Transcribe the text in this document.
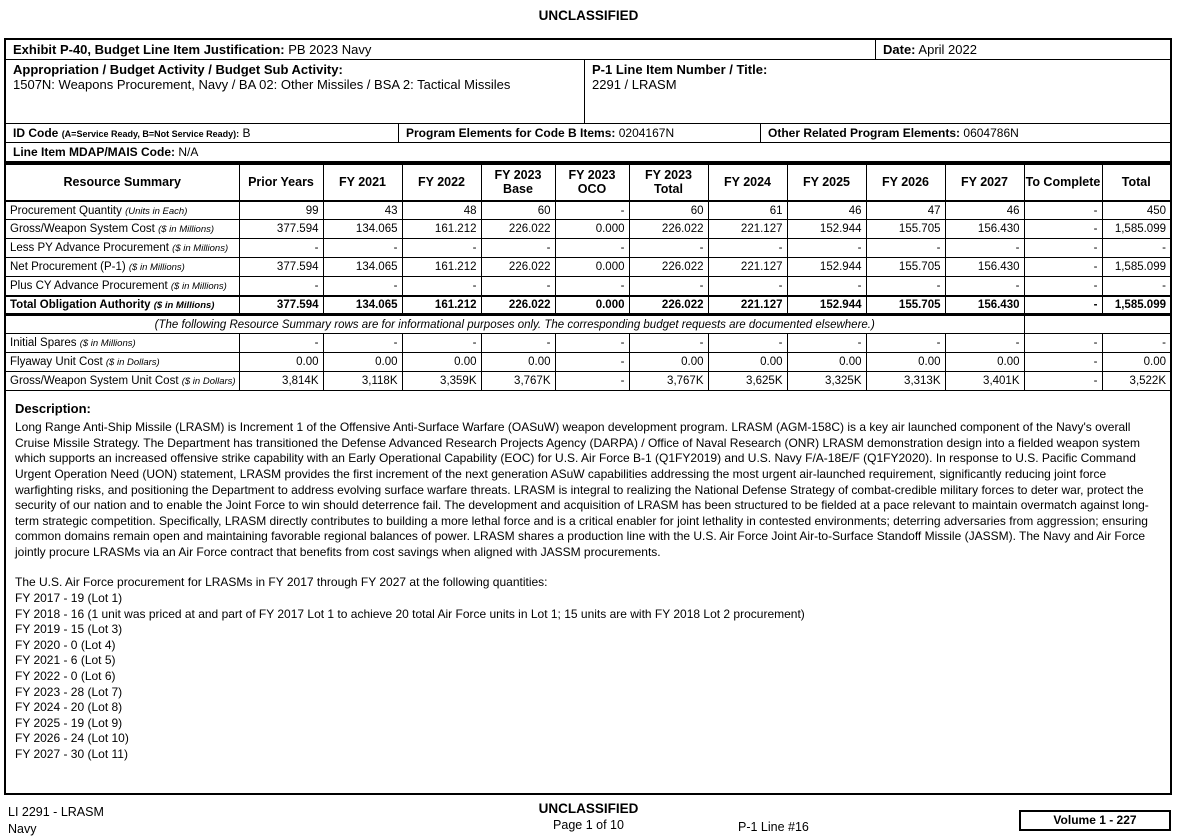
UNCLASSIFIED
Exhibit P-40, Budget Line Item Justification: PB 2023 Navy	Date: April 2022
Appropriation / Budget Activity / Budget Sub Activity:
1507N: Weapons Procurement, Navy / BA 02: Other Missiles / BSA 2: Tactical Missiles
P-1 Line Item Number / Title:
2291 / LRASM
ID Code (A=Service Ready, B=Not Service Ready): B	Program Elements for Code B Items: 0204167N	Other Related Program Elements: 0604786N
Line Item MDAP/MAIS Code: N/A
Resource Summary	Prior Years	FY 2021	FY 2022	FY 2023 Base	FY 2023 OCO	FY 2023 Total	FY 2024	FY 2025	FY 2026	FY 2027	To Complete	Total
Procurement Quantity (Units in Each)	99	43	48	60	-	60	61	46	47	46	-	450
Gross/Weapon System Cost ($ in Millions)	377.594	134.065	161.212	226.022	0.000	226.022	221.127	152.944	155.705	156.430	-	1,585.099
Less PY Advance Procurement ($ in Millions)	-	-	-	-	-	-	-	-	-	-	-	-
Net Procurement (P-1) ($ in Millions)	377.594	134.065	161.212	226.022	0.000	226.022	221.127	152.944	155.705	156.430	-	1,585.099
Plus CY Advance Procurement ($ in Millions)	-	-	-	-	-	-	-	-	-	-	-	-
Total Obligation Authority ($ in Millions)	377.594	134.065	161.212	226.022	0.000	226.022	221.127	152.944	155.705	156.430	-	1,585.099
(The following Resource Summary rows are for informational purposes only. The corresponding budget requests are documented elsewhere.)												
Initial Spares ($ in Millions)	-	-	-	-	-	-	-	-	-	-	-	-
Flyaway Unit Cost ($ in Dollars)	0.00	0.00	0.00	0.00	-	0.00	0.00	0.00	0.00	0.00	-	0.00
Gross/Weapon System Unit Cost ($ in Dollars)	3,814K	3,118K	3,359K	3,767K	-	3,767K	3,625K	3,325K	3,313K	3,401K	-	3,522K
Description:
Long Range Anti-Ship Missile (LRASM) is Increment 1 of the Offensive Anti-Surface Warfare (OASuW) weapon development program. LRASM (AGM-158C) is a key air launched component of the Navy's overall Cruise Missile Strategy. The Department has transitioned the Defense Advanced Research Projects Agency (DARPA) / Office of Naval Research (ONR) LRASM demonstration design into a fielded weapon system which supports an increased offensive strike capability with an Early Operational Capability (EOC) for U.S. Air Force B-1 (Q1FY2019) and U.S. Navy F/A-18E/F (Q1FY2020). In response to U.S. Pacific Command Urgent Operation Need (UON) statement, LRASM provides the first increment of the next generation ASuW capabilities addressing the most urgent air-launched requirement, significantly reducing joint force warfighting risks, and positioning the Department to address evolving surface warfare threats. LRASM is integral to realizing the National Defense Strategy of combat-credible military forces to deter war, protect the security of our nation and to enable the Joint Force to win should deterrence fail. The development and acquisition of LRASM has been structured to be fielded at a pace relevant to maintain overmatch against long-term strategic competition. Specifically, LRASM directly contributes to building a more lethal force and is a critical enabler for joint lethality in contested environments; deterring adversaries from aggression; ensuring common domains remain open and maintaining favorable regional balances of power. LRASM shares a production line with the U.S. Air Force Joint Air-to-Surface Standoff Missile (JASSM). The Navy and Air Force jointly procure LRASMs via an Air Force contract that benefits from cost savings when aligned with JASSM procurements.
The U.S. Air Force procurement for LRASMs in FY 2017 through FY 2027 at the following quantities:
FY 2017 - 19 (Lot 1)
FY 2018 - 16 (1 unit was priced at and part of FY 2017 Lot 1 to achieve 20 total Air Force units in Lot 1; 15 units are with FY 2018 Lot 2 procurement)
FY 2019 - 15 (Lot 3)
FY 2020 - 0 (Lot 4)
FY 2021 - 6 (Lot 5)
FY 2022 - 0 (Lot 6)
FY 2023 - 28 (Lot 7)
FY 2024 - 20 (Lot 8)
FY 2025 - 19 (Lot 9)
FY 2026 - 24 (Lot 10)
FY 2027 - 30 (Lot 11)
LI 2291 - LRASM
Navy
UNCLASSIFIED
Page 1 of 10	P-1 Line #16	Volume 1 - 227
